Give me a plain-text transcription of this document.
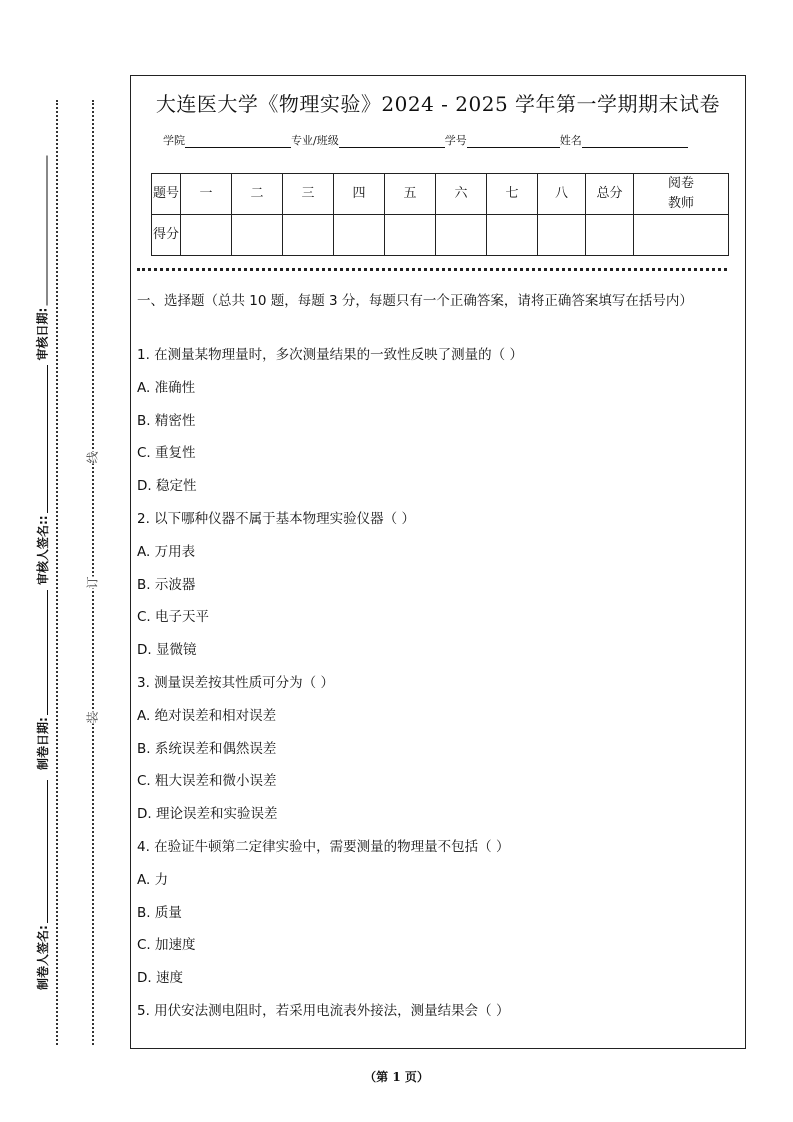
审核日期:
审核人签名::
制卷日期:
制卷人签名:
线
订
装
大连医大学《物理实验》2024 - 2025 学年第一学期期末试卷
学院	专业/班级	学号	姓名
题号	一	二	三	四	五	六	七	八	总分	阅卷教师
得分										
一、选择题（总共 10 题，每题 3 分，每题只有一个正确答案，请将正确答案填写在括号内）
1. 在测量某物理量时，多次测量结果的一致性反映了测量的（ ）
A. 准确性
B. 精密性
C. 重复性
D. 稳定性
2. 以下哪种仪器不属于基本物理实验仪器（ ）
A. 万用表
B. 示波器
C. 电子天平
D. 显微镜
3. 测量误差按其性质可分为（ ）
A. 绝对误差和相对误差
B. 系统误差和偶然误差
C. 粗大误差和微小误差
D. 理论误差和实验误差
4. 在验证牛顿第二定律实验中，需要测量的物理量不包括（ ）
A. 力
B. 质量
C. 加速度
D. 速度
5. 用伏安法测电阻时，若采用电流表外接法，测量结果会（ ）
（第 1 页）
